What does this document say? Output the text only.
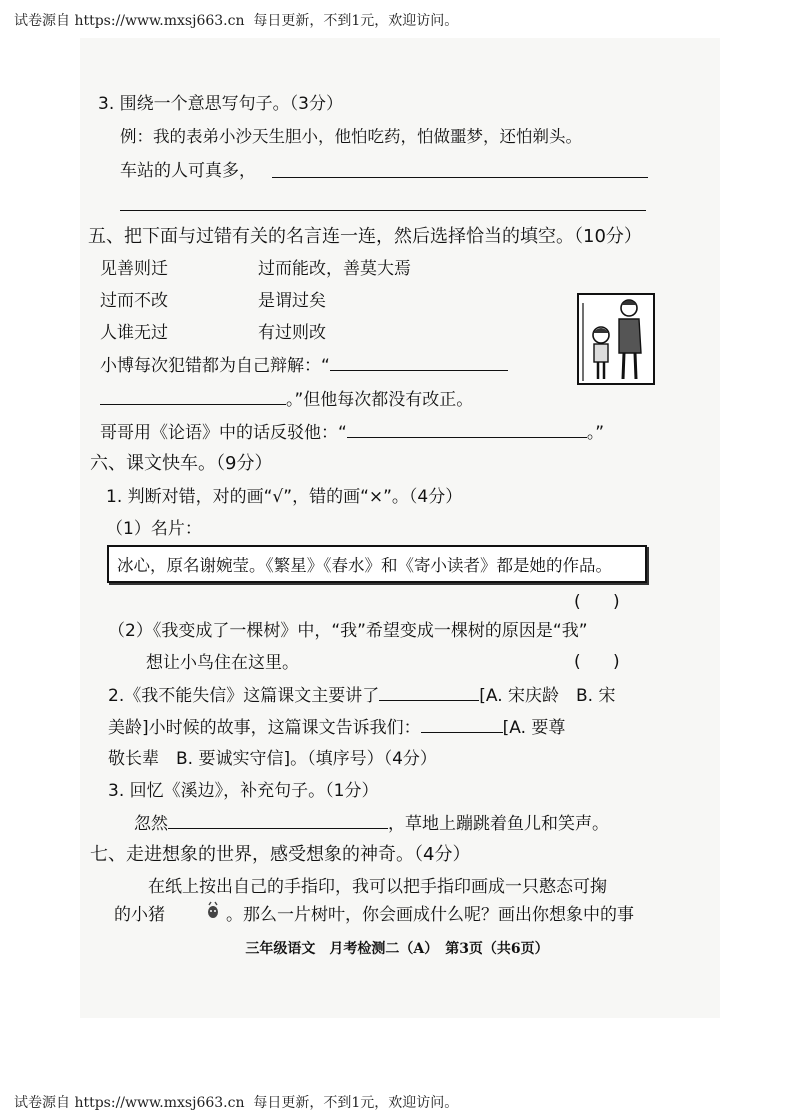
试卷源自 https://www.mxsj663.cn  每日更新，不到1元，欢迎访问。
3. 围绕一个意思写句子。（3分）
例：我的表弟小沙天生胆小，他怕吃药，怕做噩梦，还怕剃头。
车站的人可真多，
五、把下面与过错有关的名言连一连，然后选择恰当的填空。（10分）
见善则迁	过而能改，善莫大焉
过而不改	是谓过矣
人谁无过	有过则改
小博每次犯错都为自己辩解：“
。”但他每次都没有改正。
哥哥用《论语》中的话反驳他：“	。”
六、课文快车。（9分）
1. 判断对错，对的画“√”，错的画“×”。（4分）
（1）名片：
冰心，原名谢婉莹。《繁星》《春水》和《寄小读者》都是她的作品。
(      )
（2）《我变成了一棵树》中，“我”希望变成一棵树的原因是“我”
想让小鸟住在这里。	(      )
2.《我不能失信》这篇课文主要讲了	[A. 宋庆龄　B. 宋
美龄]小时候的故事，这篇课文告诉我们：	[A. 要尊
敬长辈　B. 要诚实守信]。（填序号）（4分）
3. 回忆《溪边》，补充句子。（1分）
忽然	，草地上蹦跳着鱼儿和笑声。
七、走进想象的世界，感受想象的神奇。（4分）
在纸上按出自己的手指印，我可以把手指印画成一只憨态可掬
的小猪	。那么一片树叶，你会画成什么呢？画出你想象中的事
三年级语文　月考检测二（A）　第3页（共6页）
试卷源自 https://www.mxsj663.cn  每日更新，不到1元，欢迎访问。
